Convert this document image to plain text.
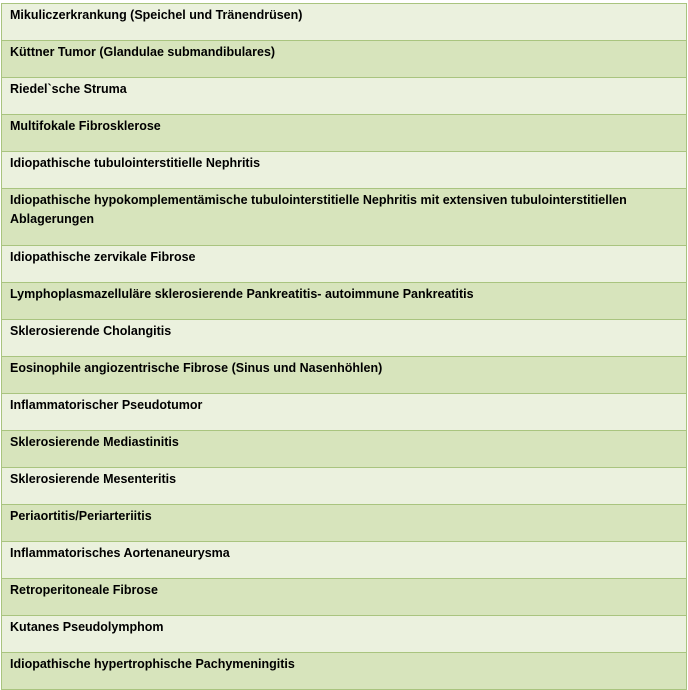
Mikuliczerkrankung (Speichel und Tränendrüsen)
Küttner Tumor (Glandulae submandibulares)
Riedel`sche Struma
Multifokale Fibrosklerose
Idiopathische tubulointerstitielle Nephritis
Idiopathische hypokomplementämische tubulointerstitielle Nephritis mit extensiven tubulointerstitiellen Ablagerungen
Idiopathische zervikale Fibrose
Lymphoplasmazelluläre sklerosierende Pankreatitis- autoimmune Pankreatitis
Sklerosierende Cholangitis
Eosinophile angiozentrische Fibrose (Sinus und Nasenhöhlen)
Inflammatorischer Pseudotumor
Sklerosierende Mediastinitis
Sklerosierende Mesenteritis
Periaortitis/Periarteriitis
Inflammatorisches Aortenaneurysma
Retroperitoneale Fibrose
Kutanes Pseudolymphom
Idiopathische hypertrophische Pachymeningitis
